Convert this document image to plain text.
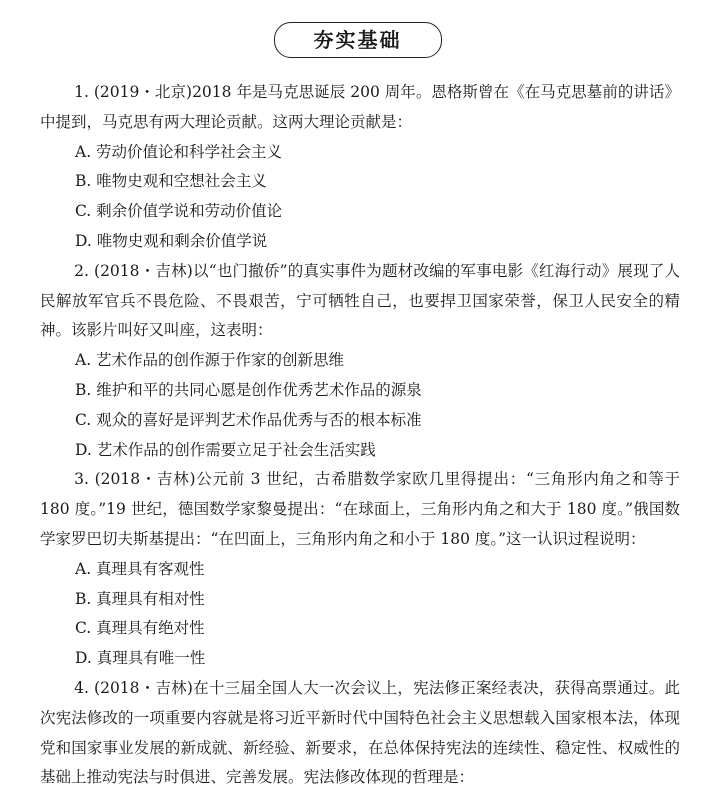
夯实基础

1. (2019・北京)2018 年是马克思诞辰 200 周年。恩格斯曾在《在马克思墓前的讲话》中提到，马克思有两大理论贡献。这两大理论贡献是：

A. 劳动价值论和科学社会主义

B. 唯物史观和空想社会主义

C. 剩余价值学说和劳动价值论

D. 唯物史观和剩余价值学说

2. (2018・吉林)以“也门撤侨”的真实事件为题材改编的军事电影《红海行动》展现了人民解放军官兵不畏危险、不畏艰苦，宁可牺牲自己，也要捍卫国家荣誉，保卫人民安全的精神。该影片叫好又叫座，这表明：

A. 艺术作品的创作源于作家的创新思维

B. 维护和平的共同心愿是创作优秀艺术作品的源泉

C. 观众的喜好是评判艺术作品优秀与否的根本标准

D. 艺术作品的创作需要立足于社会生活实践

3. (2018・吉林)公元前 3 世纪，古希腊数学家欧几里得提出：“三角形内角之和等于 180 度。”19 世纪，德国数学家黎曼提出：“在球面上，三角形内角之和大于 180 度。”俄国数学家罗巴切夫斯基提出：“在凹面上，三角形内角之和小于 180 度。”这一认识过程说明：

A. 真理具有客观性

B. 真理具有相对性

C. 真理具有绝对性

D. 真理具有唯一性

4. (2018・吉林)在十三届全国人大一次会议上，宪法修正案经表决，获得高票通过。此次宪法修改的一项重要内容就是将习近平新时代中国特色社会主义思想载入国家根本法，体现党和国家事业发展的新成就、新经验、新要求，在总体保持宪法的连续性、稳定性、权威性的基础上推动宪法与时俱进、完善发展。宪法修改体现的哲理是：
